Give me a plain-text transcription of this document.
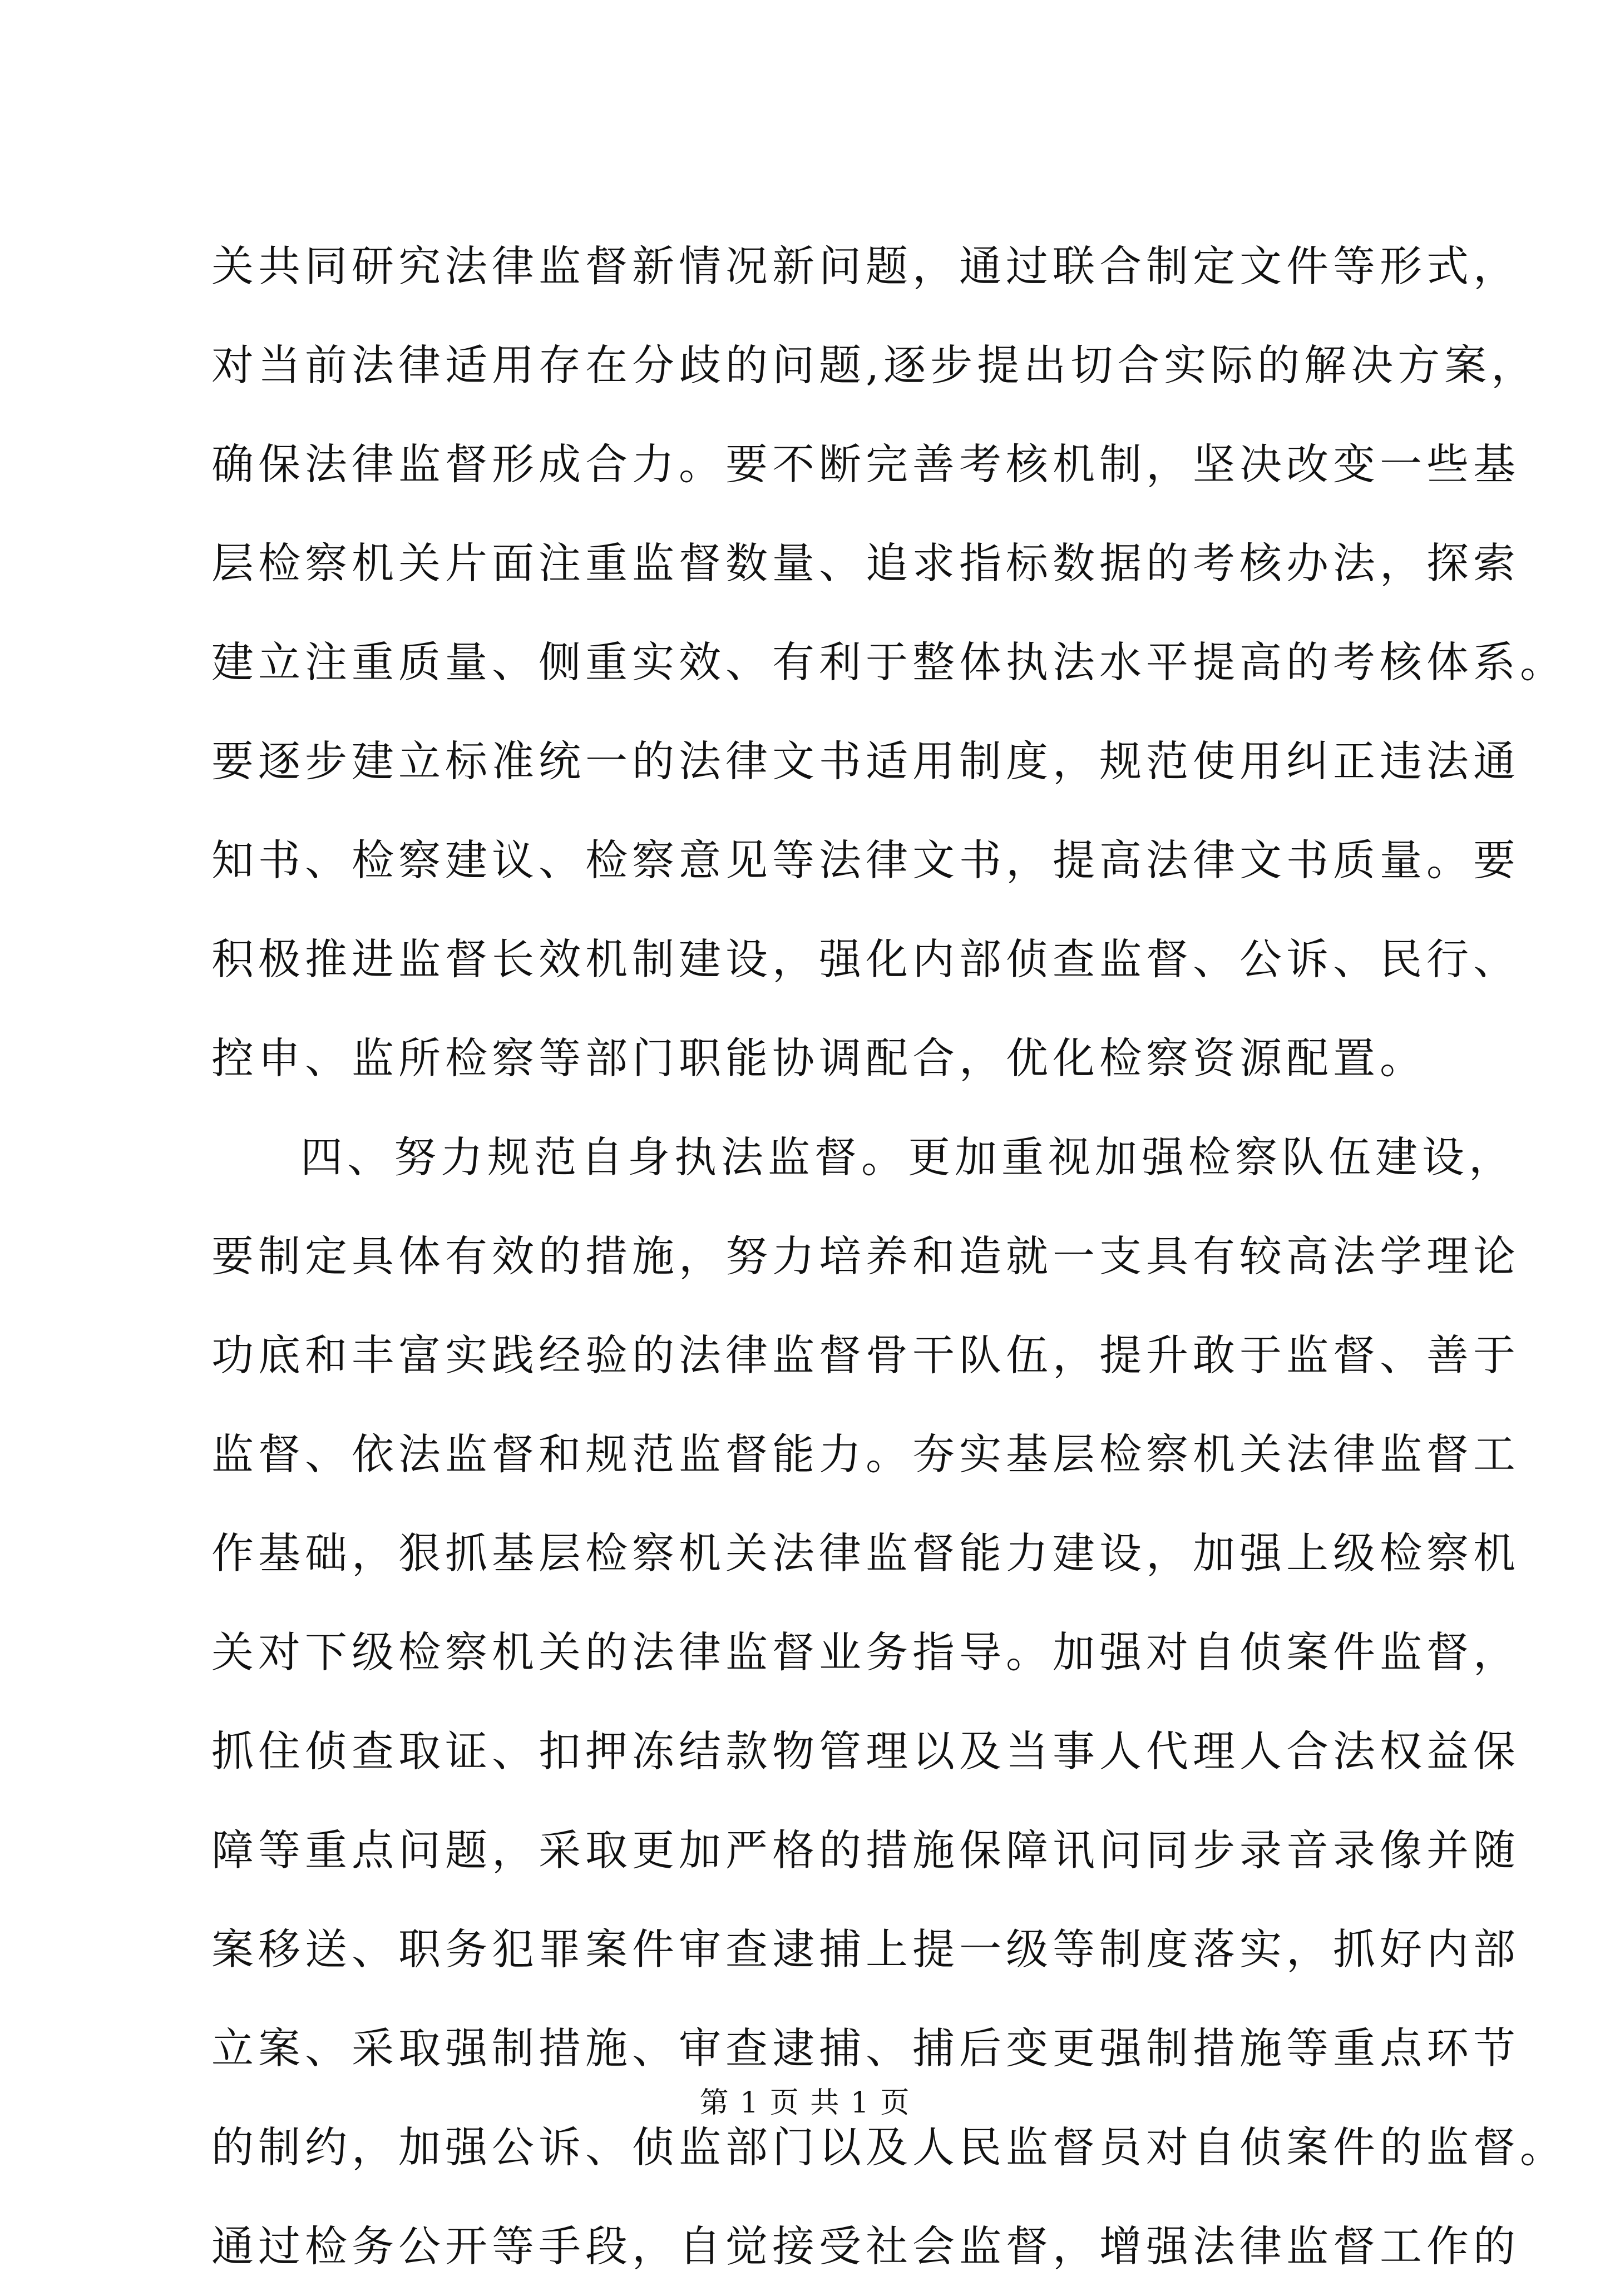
关共同研究法律监督新情况新问题，通过联合制定文件等形式，
对当前法律适用存在分歧的问题,逐步提出切合实际的解决方案，
确保法律监督形成合力。要不断完善考核机制，坚决改变一些基
层检察机关片面注重监督数量、追求指标数据的考核办法，探索
建立注重质量、侧重实效、有利于整体执法水平提高的考核体系。
要逐步建立标准统一的法律文书适用制度，规范使用纠正违法通
知书、检察建议、检察意见等法律文书，提高法律文书质量。要
积极推进监督长效机制建设，强化内部侦查监督、公诉、民行、
控申、监所检察等部门职能协调配合，优化检察资源配置。
四、努力规范自身执法监督。更加重视加强检察队伍建设，
要制定具体有效的措施，努力培养和造就一支具有较高法学理论
功底和丰富实践经验的法律监督骨干队伍，提升敢于监督、善于
监督、依法监督和规范监督能力。夯实基层检察机关法律监督工
作基础，狠抓基层检察机关法律监督能力建设，加强上级检察机
关对下级检察机关的法律监督业务指导。加强对自侦案件监督，
抓住侦查取证、扣押冻结款物管理以及当事人代理人合法权益保
障等重点问题，采取更加严格的措施保障讯问同步录音录像并随
案移送、职务犯罪案件审查逮捕上提一级等制度落实，抓好内部
立案、采取强制措施、审查逮捕、捕后变更强制措施等重点环节
的制约，加强公诉、侦监部门以及人民监督员对自侦案件的监督。
通过检务公开等手段，自觉接受社会监督，增强法律监督工作的
第 1 页 共 1 页
